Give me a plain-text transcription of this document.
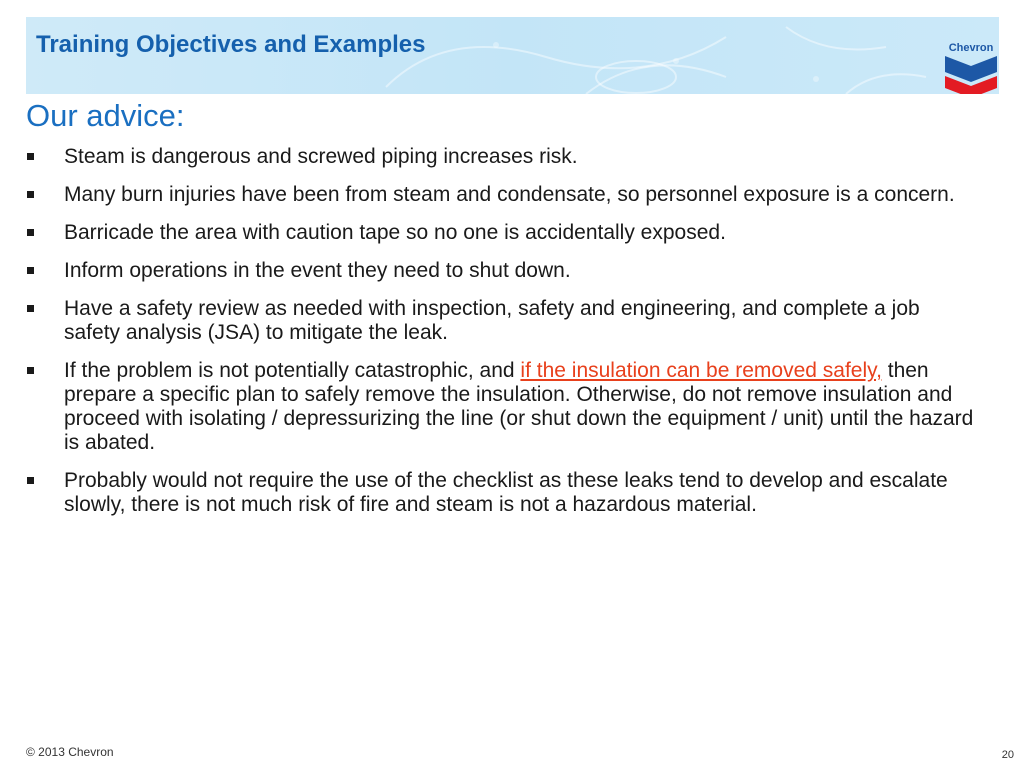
Training Objectives and Examples	Chevron
Our advice:
Steam is dangerous and screwed piping increases risk.
Many burn injuries have been from steam and condensate, so personnel exposure is a concern.
Barricade the area with caution tape so no one is accidentally exposed.
Inform operations in the event they need to shut down.
Have a safety review as needed with inspection, safety and engineering, and complete a job safety analysis (JSA) to mitigate the leak.
If the problem is not potentially catastrophic, and if the insulation can be removed safely, then prepare a specific plan to safely remove the insulation. Otherwise, do not remove insulation and proceed with isolating / depressurizing the line (or shut down the equipment / unit) until the hazard is abated.
Probably would not require the use of the checklist as these leaks tend to develop and escalate slowly, there is not much risk of fire and steam is not a hazardous material.
© 2013 Chevron	20
